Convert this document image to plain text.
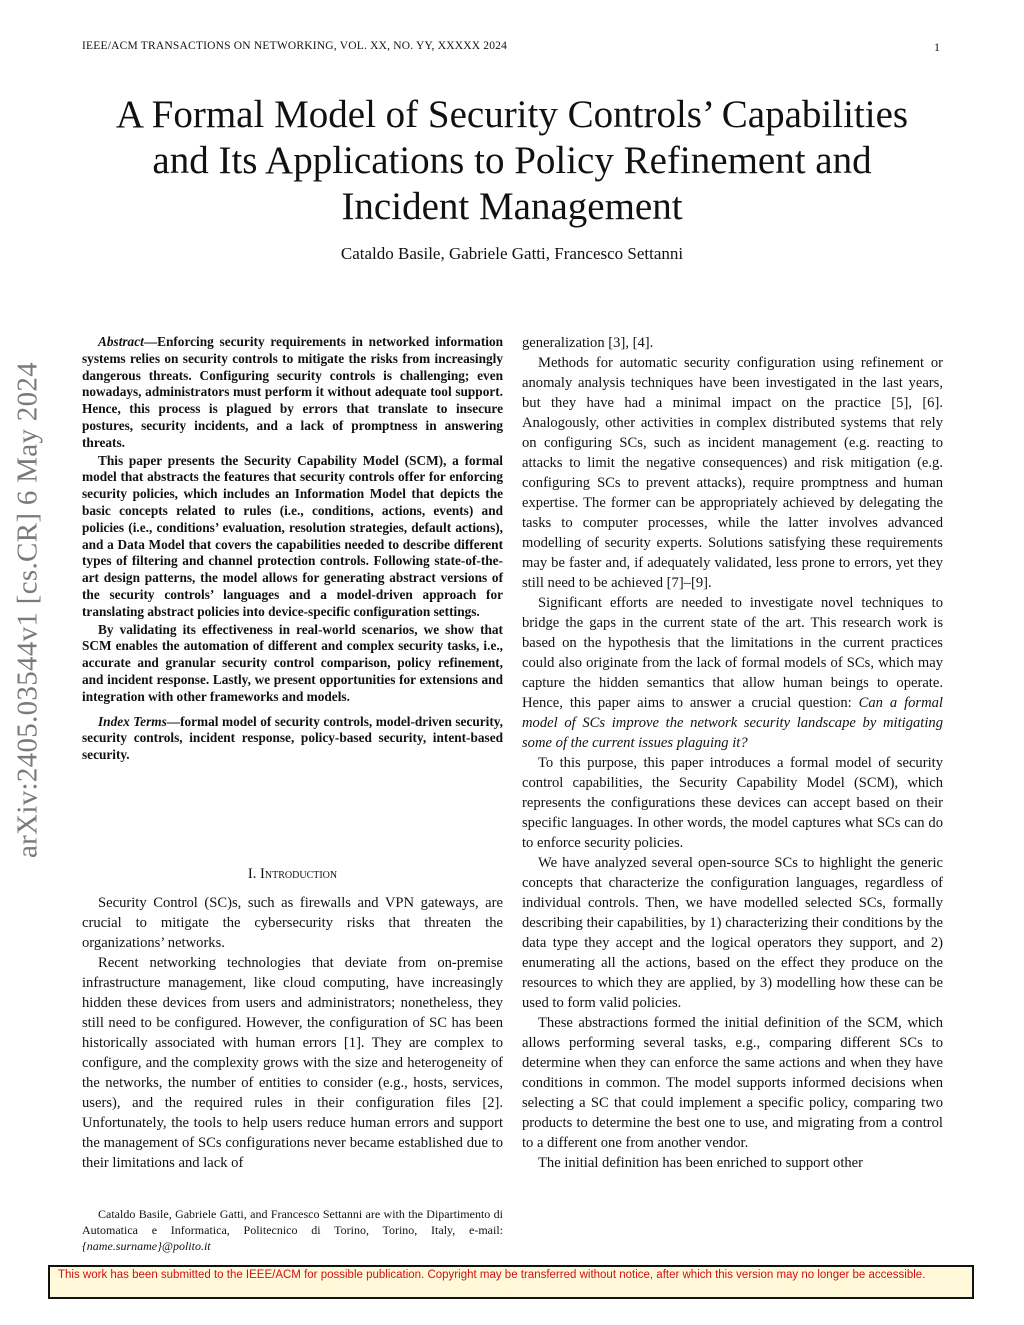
IEEE/ACM TRANSACTIONS ON NETWORKING, VOL. XX, NO. YY, XXXXX 2024	1
A Formal Model of Security Controls’ Capabilities
and Its Applications to Policy Refinement and
Incident Management
Cataldo Basile, Gabriele Gatti, Francesco Settanni
arXiv:2405.03544v1 [cs.CR] 6 May 2024

Abstract—Enforcing security requirements in networked information systems relies on security controls to mitigate the risks from increasingly dangerous threats. Configuring security controls is challenging; even nowadays, administrators must perform it without adequate tool support. Hence, this process is plagued by errors that translate to insecure postures, security incidents, and a lack of promptness in answering threats.

This paper presents the Security Capability Model (SCM), a formal model that abstracts the features that security controls offer for enforcing security policies, which includes an Information Model that depicts the basic concepts related to rules (i.e., conditions, actions, events) and policies (i.e., conditions’ evaluation, resolution strategies, default actions), and a Data Model that covers the capabilities needed to describe different types of filtering and channel protection controls. Following state-of-the-art design patterns, the model allows for generating abstract versions of the security controls’ languages and a model-driven approach for translating abstract policies into device-specific configuration settings.

By validating its effectiveness in real-world scenarios, we show that SCM enables the automation of different and complex security tasks, i.e., accurate and granular security control comparison, policy refinement, and incident response. Lastly, we present opportunities for extensions and integration with other frameworks and models.

Index Terms—formal model of security controls, model-driven security, security controls, incident response, policy-based security, intent-based security.

I. Introduction

Security Control (SC)s, such as firewalls and VPN gateways, are crucial to mitigate the cybersecurity risks that threaten the organizations’ networks.

Recent networking technologies that deviate from on-premise infrastructure management, like cloud computing, have increasingly hidden these devices from users and administrators; nonetheless, they still need to be configured. However, the configuration of SC has been historically associated with human errors [1]. They are complex to configure, and the complexity grows with the size and heterogeneity of the networks, the number of entities to consider (e.g., hosts, services, users), and the required rules in their configuration files [2]. Unfortunately, the tools to help users reduce human errors and support the management of SCs configurations never became established due to their limitations and lack of

Cataldo Basile, Gabriele Gatti, and Francesco Settanni are with the Dipartimento di Automatica e Informatica, Politecnico di Torino, Torino, Italy, e-mail: {name.surname}@polito.it

generalization [3], [4].

Methods for automatic security configuration using refinement or anomaly analysis techniques have been investigated in the last years, but they have had a minimal impact on the practice [5], [6]. Analogously, other activities in complex distributed systems that rely on configuring SCs, such as incident management (e.g. reacting to attacks to limit the negative consequences) and risk mitigation (e.g. configuring SCs to prevent attacks), require promptness and human expertise. The former can be appropriately achieved by delegating the tasks to computer processes, while the latter involves advanced modelling of security experts. Solutions satisfying these requirements may be faster and, if adequately validated, less prone to errors, yet they still need to be achieved [7]–[9].

Significant efforts are needed to investigate novel techniques to bridge the gaps in the current state of the art. This research work is based on the hypothesis that the limitations in the current practices could also originate from the lack of formal models of SCs, which may capture the hidden semantics that allow human beings to operate. Hence, this paper aims to answer a crucial question: Can a formal model of SCs improve the network security landscape by mitigating some of the current issues plaguing it?

To this purpose, this paper introduces a formal model of security control capabilities, the Security Capability Model (SCM), which represents the configurations these devices can accept based on their specific languages. In other words, the model captures what SCs can do to enforce security policies.

We have analyzed several open-source SCs to highlight the generic concepts that characterize the configuration languages, regardless of individual controls. Then, we have modelled selected SCs, formally describing their capabilities, by 1) characterizing their conditions by the data type they accept and the logical operators they support, and 2) enumerating all the actions, based on the effect they produce on the resources to which they are applied, by 3) modelling how these can be used to form valid policies.

These abstractions formed the initial definition of the SCM, which allows performing several tasks, e.g., comparing different SCs to determine when they can enforce the same actions and when they have conditions in common. The model supports informed decisions when selecting a SC that could implement a specific policy, comparing two products to determine the best one to use, and migrating from a control to a different one from another vendor.

The initial definition has been enriched to support other

This work has been submitted to the IEEE/ACM for possible publication. Copyright may be transferred without notice, after which this version may no longer be accessible.
